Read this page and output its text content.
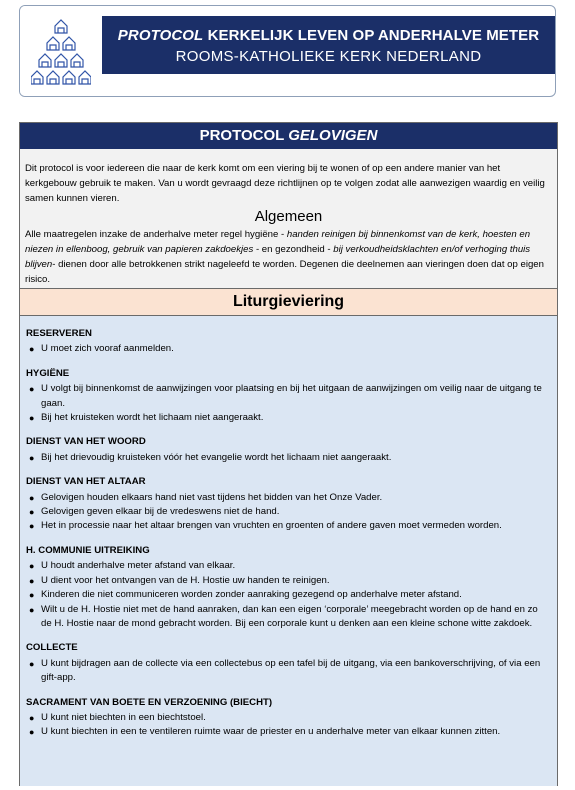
PROTOCOL KERKELIJK LEVEN OP ANDERHALVE METER
ROOMS-KATHOLIEKE KERK NEDERLAND
PROTOCOL GELOVIGEN
Dit protocol is voor iedereen die naar de kerk komt om een viering bij te wonen of op een andere manier van het kerkgebouw gebruik te maken. Van u wordt gevraagd deze richtlijnen op te volgen zodat alle aanwezigen waardig en veilig samen kunnen vieren.
Algemeen
Alle maatregelen inzake de anderhalve meter regel hygiëne - handen reinigen bij binnenkomst van de kerk, hoesten en niezen in ellenboog, gebruik van papieren zakdoekjes - en gezondheid - bij verkoudheidsklachten en/of verhoging thuis blijven- dienen door alle betrokkenen strikt nageleefd te worden. Degenen die deelnemen aan vieringen doen dat op eigen risico.
Liturgieviering
RESERVEREN
● U moet zich vooraf aanmelden.
HYGIËNE
● U volgt bij binnenkomst de aanwijzingen voor plaatsing en bij het uitgaan de aanwijzingen om veilig naar de uitgang te gaan.
● Bij het kruisteken wordt het lichaam niet aangeraakt.
DIENST VAN HET WOORD
● Bij het drievoudig kruisteken vóór het evangelie wordt het lichaam niet aangeraakt.
DIENST VAN HET ALTAAR
● Gelovigen houden elkaars hand niet vast tijdens het bidden van het Onze Vader.
● Gelovigen geven elkaar bij de vredeswens niet de hand.
● Het in processie naar het altaar brengen van vruchten en groenten of andere gaven moet vermeden worden.
H. COMMUNIE UITREIKING
● U houdt anderhalve meter afstand van elkaar.
● U dient voor het ontvangen van de H. Hostie uw handen te reinigen.
● Kinderen die niet communiceren worden zonder aanraking gezegend op anderhalve meter afstand.
● Wilt u de H. Hostie niet met de hand aanraken, dan kan een eigen ‘corporale’ meegebracht worden op de hand en zo de H. Hostie naar de mond gebracht worden. Bij een corporale kunt u denken aan een kleine schone witte zakdoek.
COLLECTE
● U kunt bijdragen aan de collecte via een collectebus op een tafel bij de uitgang, via een bankoverschrijving, of via een gift-app.
SACRAMENT VAN BOETE EN VERZOENING (BIECHT)
● U kunt niet biechten in een biechtstoel.
● U kunt biechten in een te ventileren ruimte waar de priester en u anderhalve meter van elkaar kunnen zitten.
